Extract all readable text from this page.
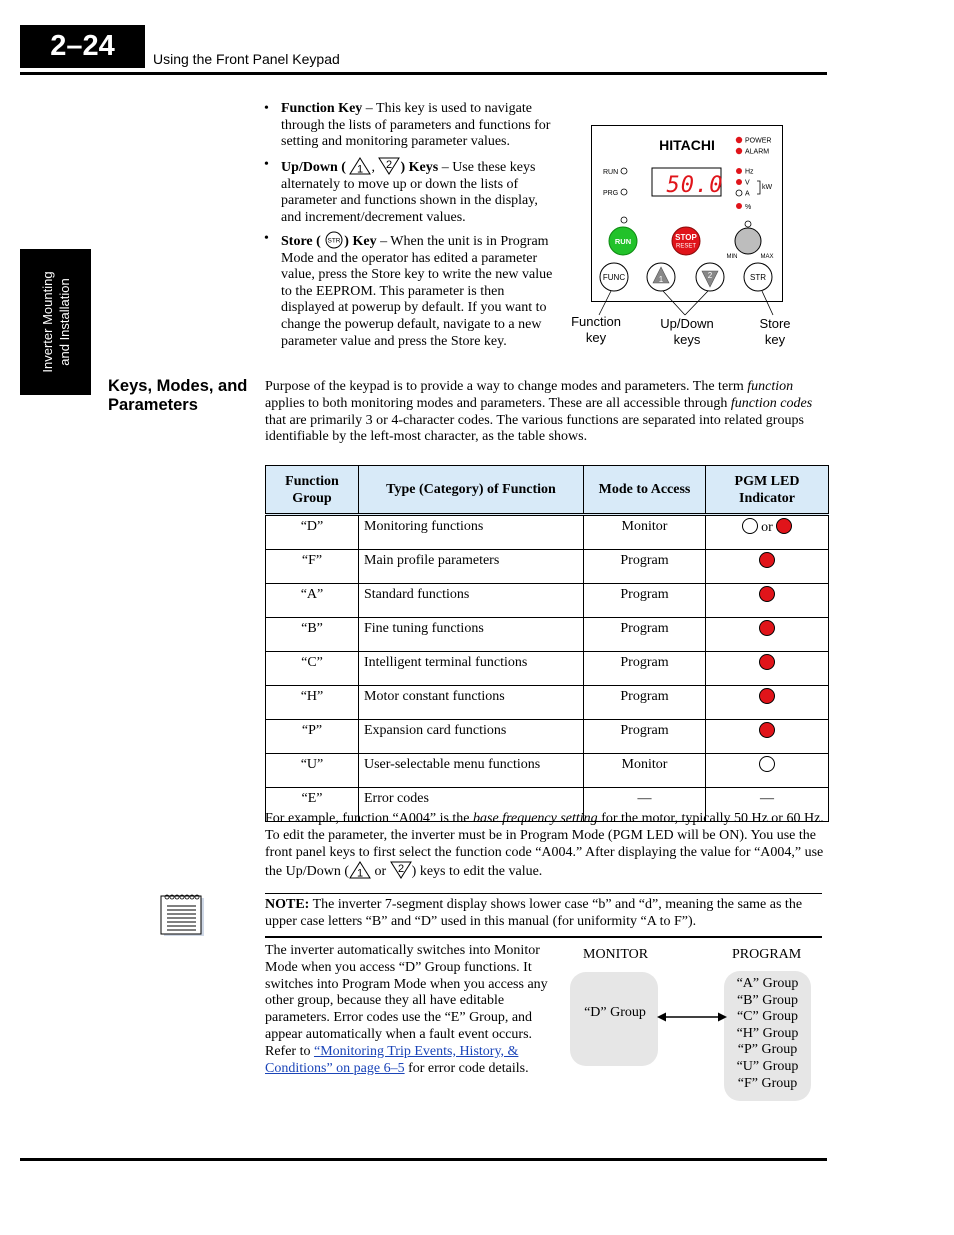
2–24	Using the Front Panel Keypad
Inverter Mounting and Installation
• Function Key – This key is used to navigate through the lists of parameters and functions for setting and monitoring parameter values.
• Up/Down ( 1 , 2 ) Keys – Use these keys alternately to move up or down the lists of parameter and functions shown in the display, and increment/decrement values.
• Store ( STR ) Key – When the unit is in Program Mode and the operator has edited a parameter value, press the Store key to write the new value to the EEPROM. This parameter is then displayed at powerup by default. If you want to change the powerup default, navigate to a new parameter value and press the Store key.
HITACHI	POWER
ALARM
RUN
PRG 50.0
Hz
V
A
kW
%
RUN	STOP
RESET
MIN	MAX
FUNC	1	2	STR
Function
key
Up/Down
keys
Store
key
Keys, Modes, and
Parameters
Purpose of the keypad is to provide a way to change modes and parameters. The term function applies to both monitoring modes and parameters. These are all accessible through function codes that are primarily 3 or 4-character codes. The various functions are separated into related groups identifiable by the left-most character, as the table shows.
Function Group	Type (Category) of Function	Mode to Access	PGM LED Indicator
“D”	Monitoring functions	Monitor	or
“F”	Main profile parameters	Program	
“A”	Standard functions	Program	
“B”	Fine tuning functions	Program	
“C”	Intelligent terminal functions	Program	
“H”	Motor constant functions	Program	
“P”	Expansion card functions	Program	
“U”	User-selectable menu functions	Monitor	
“E”	Error codes	—	—
For example, function “A004” is the base frequency setting for the motor, typically 50 Hz or 60 Hz. To edit the parameter, the inverter must be in Program Mode (PGM LED will be ON). You use the front panel keys to first select the function code “A004.” After displaying the value for “A004,” use the Up/Down ( 1 or 2 ) keys to edit the value.
NOTE: The inverter 7-segment display shows lower case “b” and “d”, meaning the same as the upper case letters “B” and “D” used in this manual (for uniformity “A to F”).
The inverter automatically switches into Monitor Mode when you access “D” Group functions. It switches into Program Mode when you access any other group, because they all have editable parameters. Error codes use the “E” Group, and appear automatically when a fault event occurs. Refer to “Monitoring Trip Events, History, & Conditions” on page 6–5 for error code details.
MONITOR	PROGRAM
“D” Group
“A” Group
“B” Group
“C” Group
“H” Group
“P” Group
“U” Group
“F” Group
